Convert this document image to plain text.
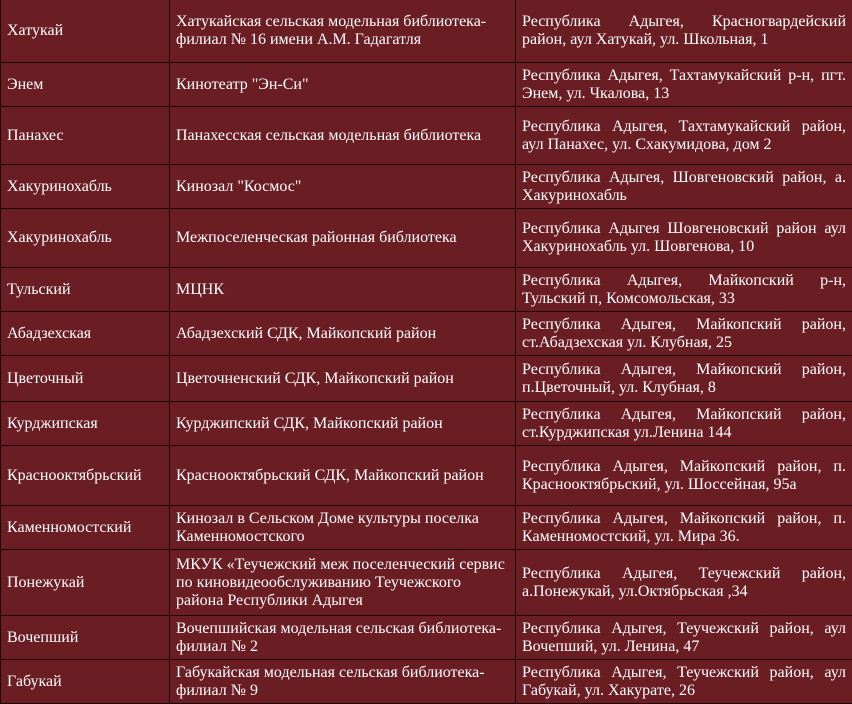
Хатукай	Хатукайская сельская модельная библиотека-филиал № 16 имени А.М. Гадагатля	Республика Адыгея, Красногвардейский район, аул Хатукай, ул. Школьная, 1
Энем	Кинотеатр "Эн-Си"	Республика Адыгея, Тахтамукайский р-н, пгт. Энем, ул. Чкалова, 13
Панахес	Панахесская сельская модельная библиотека	Республика Адыгея, Тахтамукайский район, аул Панахес, ул. Схакумидова, дом 2
Хакуринохабль	Кинозал "Космос"	Республика Адыгея, Шовгеновский район, а. Хакуринохабль
Хакуринохабль	Межпоселенческая районная библиотека	Республика Адыгея Шовгеновский район аул Хакуринохабль ул. Шовгенова, 10
Тульский	МЦНК	Республика Адыгея, Майкопский р-н, Тульский п, Комсомольская, 33
Абадзехская	Абадзехский СДК, Майкопский район	Республика Адыгея, Майкопский район, ст.Абадзехская ул. Клубная, 25
Цветочный	Цветочненский СДК, Майкопский район	Республика Адыгея, Майкопский район, п.Цветочный, ул. Клубная, 8
Курджипская	Курджипский СДК, Майкопский район	Республика Адыгея, Майкопский район, ст.Курджипская ул.Ленина 144
Краснооктябрьский	Краснооктябрьский СДК, Майкопский район	Республика Адыгея, Майкопский район, п. Краснооктябрьский, ул. Шоссейная, 95а
Каменномостский	Кинозал в Сельском Доме культуры поселка Каменномостского	Республика Адыгея, Майкопский район, п. Каменномостский, ул. Мира 36.
Понежукай	МКУК «Теучежский меж поселенческий сервис по киновидеообслуживанию Теучежского района Республики Адыгея	Республика Адыгея, Теучежский район, а.Понежукай, ул.Октябрьская ,34
Вочепший	Вочепшийская модельная сельская библиотека-филиал № 2	Республика Адыгея, Теучежский район, аул Вочепший, ул. Ленина, 47
Габукай	Габукайская модельная сельская библиотека-филиал № 9	Республика Адыгея, Теучежский район, аул Габукай, ул. Хакурате, 26
